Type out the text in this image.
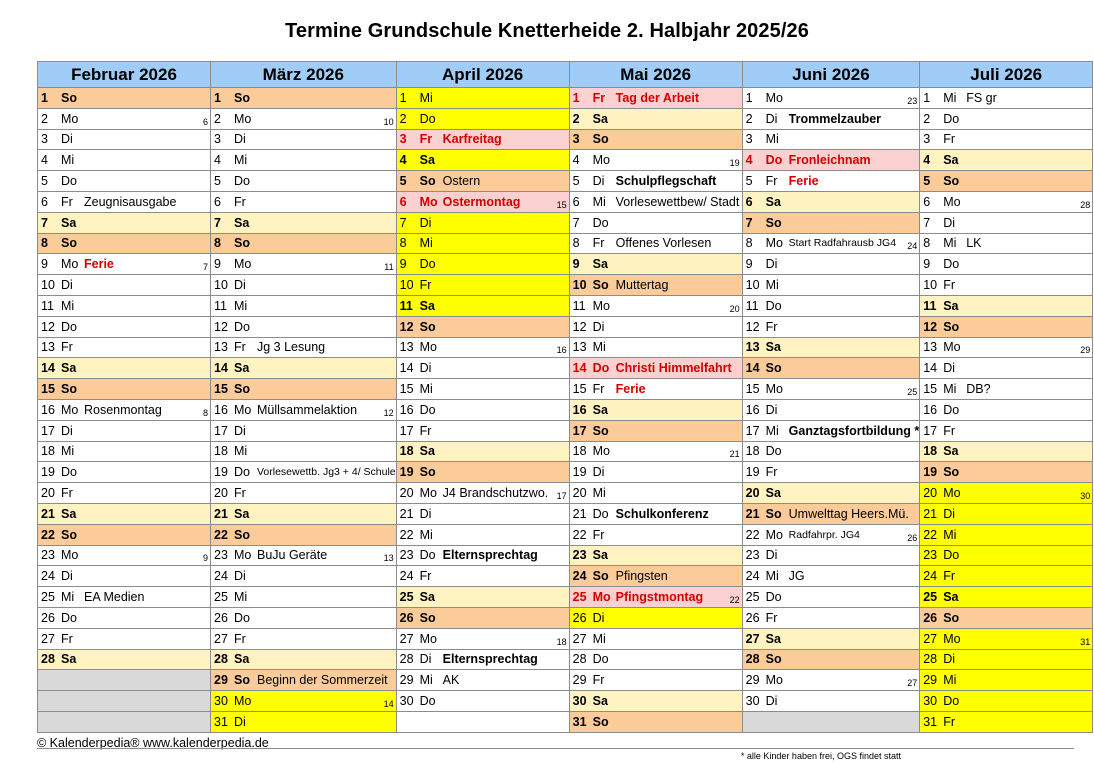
Termine Grundschule Knetterheide 2. Halbjahr 2025/26
Februar 2026	März 2026	April 2026	Mai 2026	Juni 2026	Juli 2026

1 So	1 So	1 Mi	1 Fr Tag der Arbeit	1 Mo 23	1 Mi FS gr

2 Mo 6	2 Mo 10	2 Do	2 Sa	2 Di Trommelzauber	2 Do

3 Di	3 Di	3 Fr Karfreitag	3 So	3 Mi	3 Fr

4 Mi	4 Mi	4 Sa	4 Mo 19	4 Do Fronleichnam	4 Sa

5 Do	5 Do	5 So Ostern	5 Di Schulpflegschaft	5 Fr Ferie	5 So

6 Fr Zeugnisausgabe	6 Fr	6 Mo Ostermontag 15	6 Mi Vorlesewettbew/ Stadt	6 Sa	6 Mo 28

7 Sa	7 Sa	7 Di	7 Do	7 So	7 Di

8 So	8 So	8 Mi	8 Fr Offenes Vorlesen	8 Mo Start Radfahrausb JG4 24	8 Mi LK

9 Mo Ferie 7	9 Mo 11	9 Do	9 Sa	9 Di	9 Do

10 Di	10 Di	10 Fr	10 So Muttertag	10 Mi	10 Fr

11 Mi	11 Mi	11 Sa	11 Mo 20	11 Do	11 Sa

12 Do	12 Do	12 So	12 Di	12 Fr	12 So

13 Fr	13 Fr Jg 3 Lesung	13 Mo 16	13 Mi	13 Sa	13 Mo 29

14 Sa	14 Sa	14 Di	14 Do Christi Himmelfahrt	14 So	14 Di

15 So	15 So	15 Mi	15 Fr Ferie	15 Mo 25	15 Mi DB?

16 Mo Rosenmontag 8	16 Mo Müllsammelaktion 12	16 Do	16 Sa	16 Di	16 Do

17 Di	17 Di	17 Fr	17 So	17 Mi Ganztagsfortbildung *	17 Fr

18 Mi	18 Mi	18 Sa	18 Mo 21	18 Do	18 Sa

19 Do	19 Do Vorlesewettb. Jg3 + 4/ Schule	19 So	19 Di	19 Fr	19 So

20 Fr	20 Fr	20 Mo J4 Brandschutzwo. 17	20 Mi	20 Sa	20 Mo 30

21 Sa	21 Sa	21 Di	21 Do Schulkonferenz	21 So Umwelttag Heers.Mü.	21 Di

22 So	22 So	22 Mi	22 Fr	22 Mo Radfahrpr. JG4 26	22 Mi

23 Mo 9	23 Mo BuJu Geräte 13	23 Do Elternsprechtag	23 Sa	23 Di	23 Do

24 Di	24 Di	24 Fr	24 So Pfingsten	24 Mi JG	24 Fr

25 Mi EA Medien	25 Mi	25 Sa	25 Mo Pfingstmontag 22	25 Do	25 Sa

26 Do	26 Do	26 So	26 Di	26 Fr	26 So

27 Fr	27 Fr	27 Mo 18	27 Mi	27 Sa	27 Mo 31

28 Sa	28 Sa	28 Di Elternsprechtag	28 Do	28 So	28 Di

	29 So Beginn der Sommerzeit	29 Mi AK	29 Fr	29 Mo 27	29 Mi

	30 Mo 14	30 Do	30 Sa	30 Di	30 Do

	31 Di		31 So		31 Fr
© Kalenderpedia® www.kalenderpedia.de
* alle Kinder haben frei, OGS findet statt
